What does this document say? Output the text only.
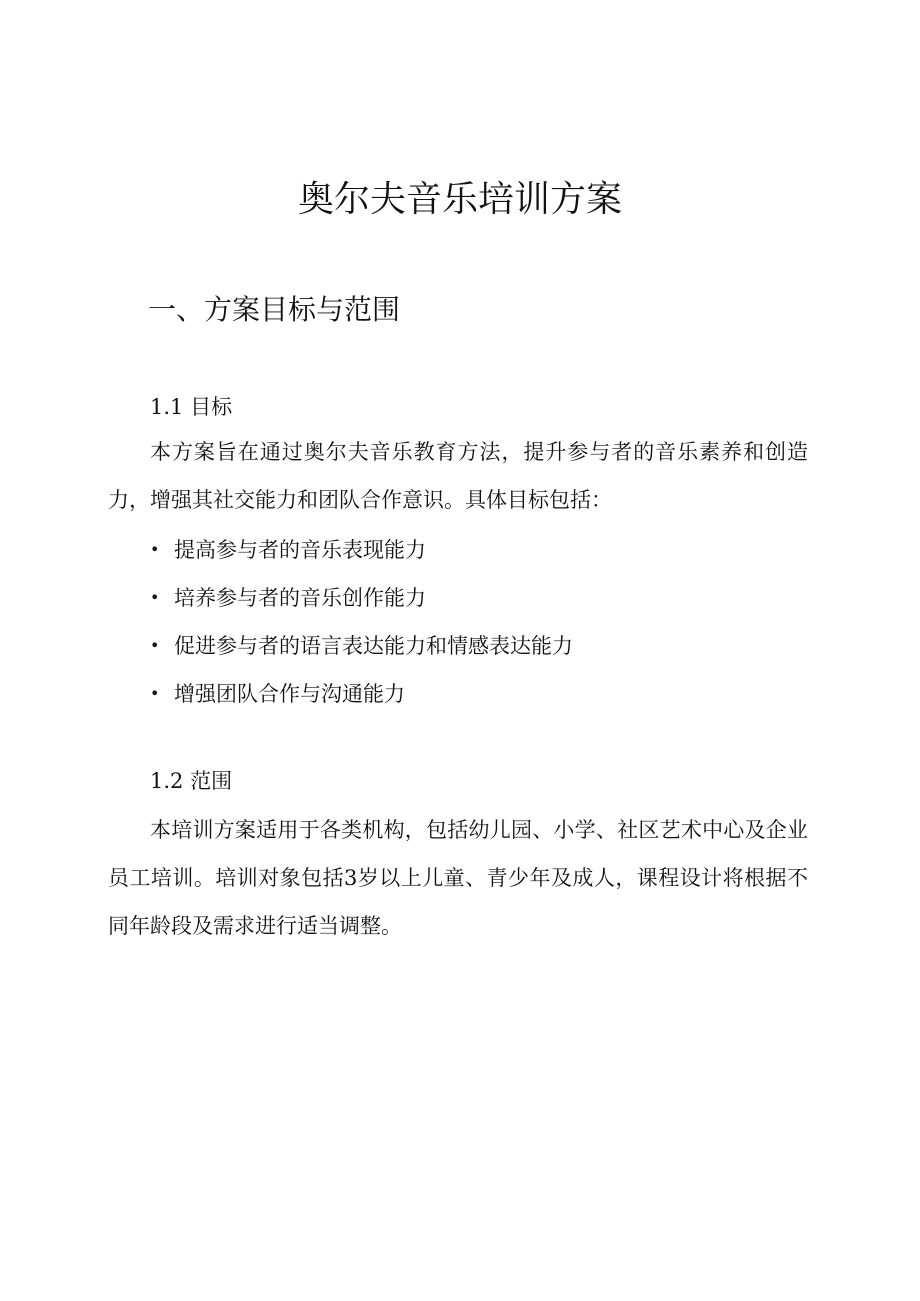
奥尔夫音乐培训方案
一、方案目标与范围
1.1 目标

本方案旨在通过奥尔夫音乐教育方法，提升参与者的音乐素养和创造力，增强其社交能力和团队合作意识。具体目标包括：

• 提高参与者的音乐表现能力
• 培养参与者的音乐创作能力
• 促进参与者的语言表达能力和情感表达能力
• 增强团队合作与沟通能力
1.2 范围

本培训方案适用于各类机构，包括幼儿园、小学、社区艺术中心及企业员工培训。培训对象包括3岁以上儿童、青少年及成人，课程设计将根据不同年龄段及需求进行适当调整。
